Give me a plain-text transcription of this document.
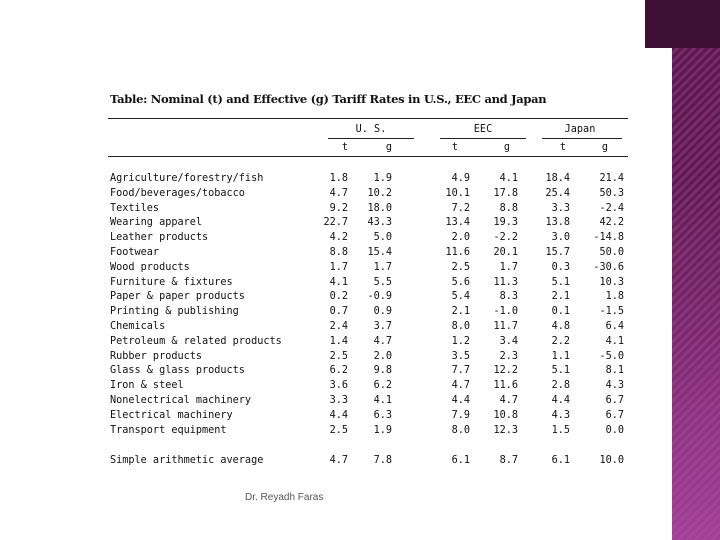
Table: Nominal (t) and Effective (g) Tariff Rates in U.S., EEC and Japan
U. S.	EEC	Japan
t	g	t	g	t	g
Agriculture/forestry/fish	1.8	1.9	4.9	4.1	18.4	21.4
Food/beverages/tobacco	4.7	10.2	10.1	17.8	25.4	50.3
Textiles	9.2	18.0	7.2	8.8	3.3	-2.4
Wearing apparel	22.7	43.3	13.4	19.3	13.8	42.2
Leather products	4.2	5.0	2.0	-2.2	3.0	-14.8
Footwear	8.8	15.4	11.6	20.1	15.7	50.0
Wood products	1.7	1.7	2.5	1.7	0.3	-30.6
Furniture & fixtures	4.1	5.5	5.6	11.3	5.1	10.3
Paper & paper products	0.2	-0.9	5.4	8.3	2.1	1.8
Printing & publishing	0.7	0.9	2.1	-1.0	0.1	-1.5
Chemicals	2.4	3.7	8.0	11.7	4.8	6.4
Petroleum & related products	1.4	4.7	1.2	3.4	2.2	4.1
Rubber products	2.5	2.0	3.5	2.3	1.1	-5.0
Glass & glass products	6.2	9.8	7.7	12.2	5.1	8.1
Iron & steel	3.6	6.2	4.7	11.6	2.8	4.3
Nonelectrical machinery	3.3	4.1	4.4	4.7	4.4	6.7
Electrical machinery	4.4	6.3	7.9	10.8	4.3	6.7
Transport equipment	2.5	1.9	8.0	12.3	1.5	0.0
Simple arithmetic average	4.7	7.8	6.1	8.7	6.1	10.0
Dr. Reyadh Faras
